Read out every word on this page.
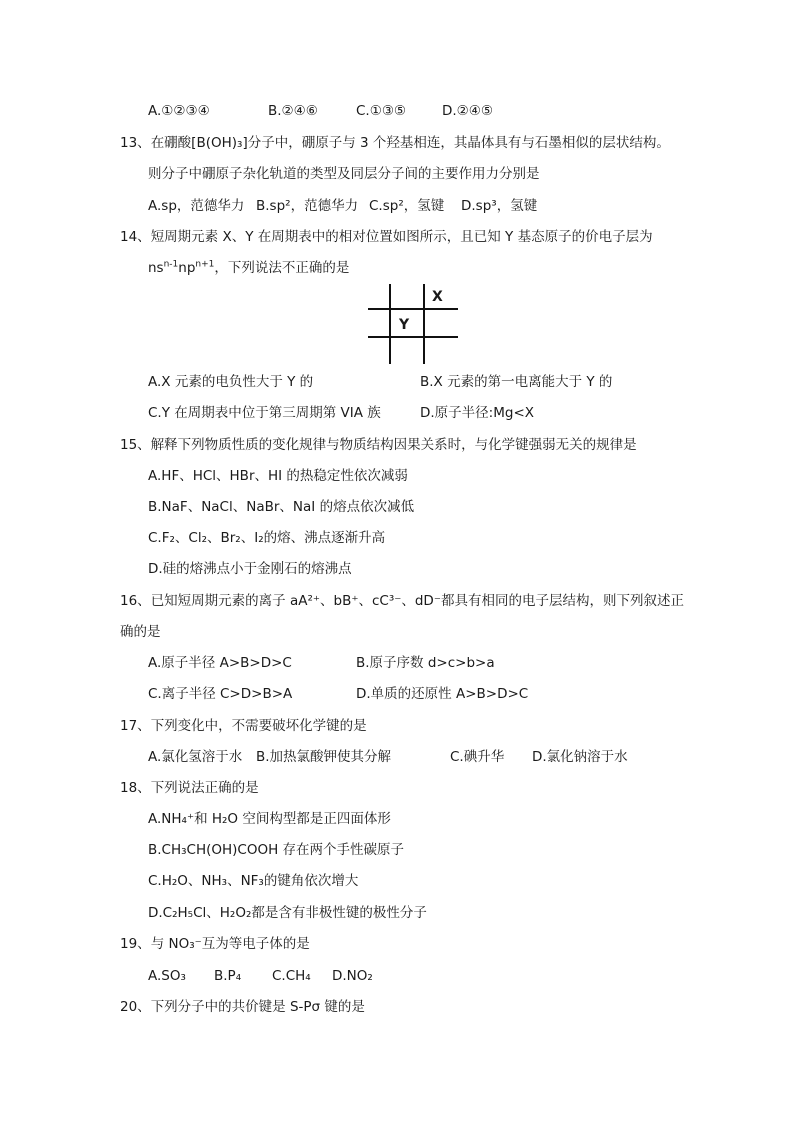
A.①②③④	B.②④⑥	C.①③⑤	D.②④⑤
13、在硼酸[B(OH)₃]分子中，硼原子与 3 个羟基相连，其晶体具有与石墨相似的层状结构。
则分子中硼原子杂化轨道的类型及同层分子间的主要作用力分别是
A.sp，范德华力 B.sp²，范德华力 C.sp²，氢键 D.sp³，氢键
14、短周期元素 X、Y 在周期表中的相对位置如图所示，且已知 Y 基态原子的价电子层为
$ns^{n-1}np^{n+1}$，下列说法不正确的是
X
Y
A.X 元素的电负性大于 Y 的	B.X 元素的第一电离能大于 Y 的
C.Y 在周期表中位于第三周期第 VIA 族	D.原子半径:Mg<X
15、解释下列物质性质的变化规律与物质结构因果关系时，与化学键强弱无关的规律是
A.HF、HCl、HBr、HI 的热稳定性依次减弱
B.NaF、NaCl、NaBr、NaI 的熔点依次减低
C.F₂、Cl₂、Br₂、I₂的熔、沸点逐渐升高
D.硅的熔沸点小于金刚石的熔沸点
16、已知短周期元素的离子 aA²⁺、bB⁺、cC³⁻、dD⁻都具有相同的电子层结构，则下列叙述正
确的是
A.原子半径 A>B>D>C	B.原子序数 d>c>b>a
C.离子半径 C>D>B>A	D.单质的还原性 A>B>D>C
17、下列变化中，不需要破坏化学键的是
A.氯化氢溶于水 B.加热氯酸钾使其分解	C.碘升华 D.氯化钠溶于水
18、下列说法正确的是
A.NH₄⁺和 H₂O 空间构型都是正四面体形
B.CH₃CH(OH)COOH 存在两个手性碳原子
C.H₂O、NH₃、NF₃的键角依次增大
D.C₂H₅Cl、H₂O₂都是含有非极性键的极性分子
19、与 NO₃⁻互为等电子体的是
A.SO₃ B.P₄ C.CH₄ D.NO₂
20、下列分子中的共价键是 S-Pσ 键的是
